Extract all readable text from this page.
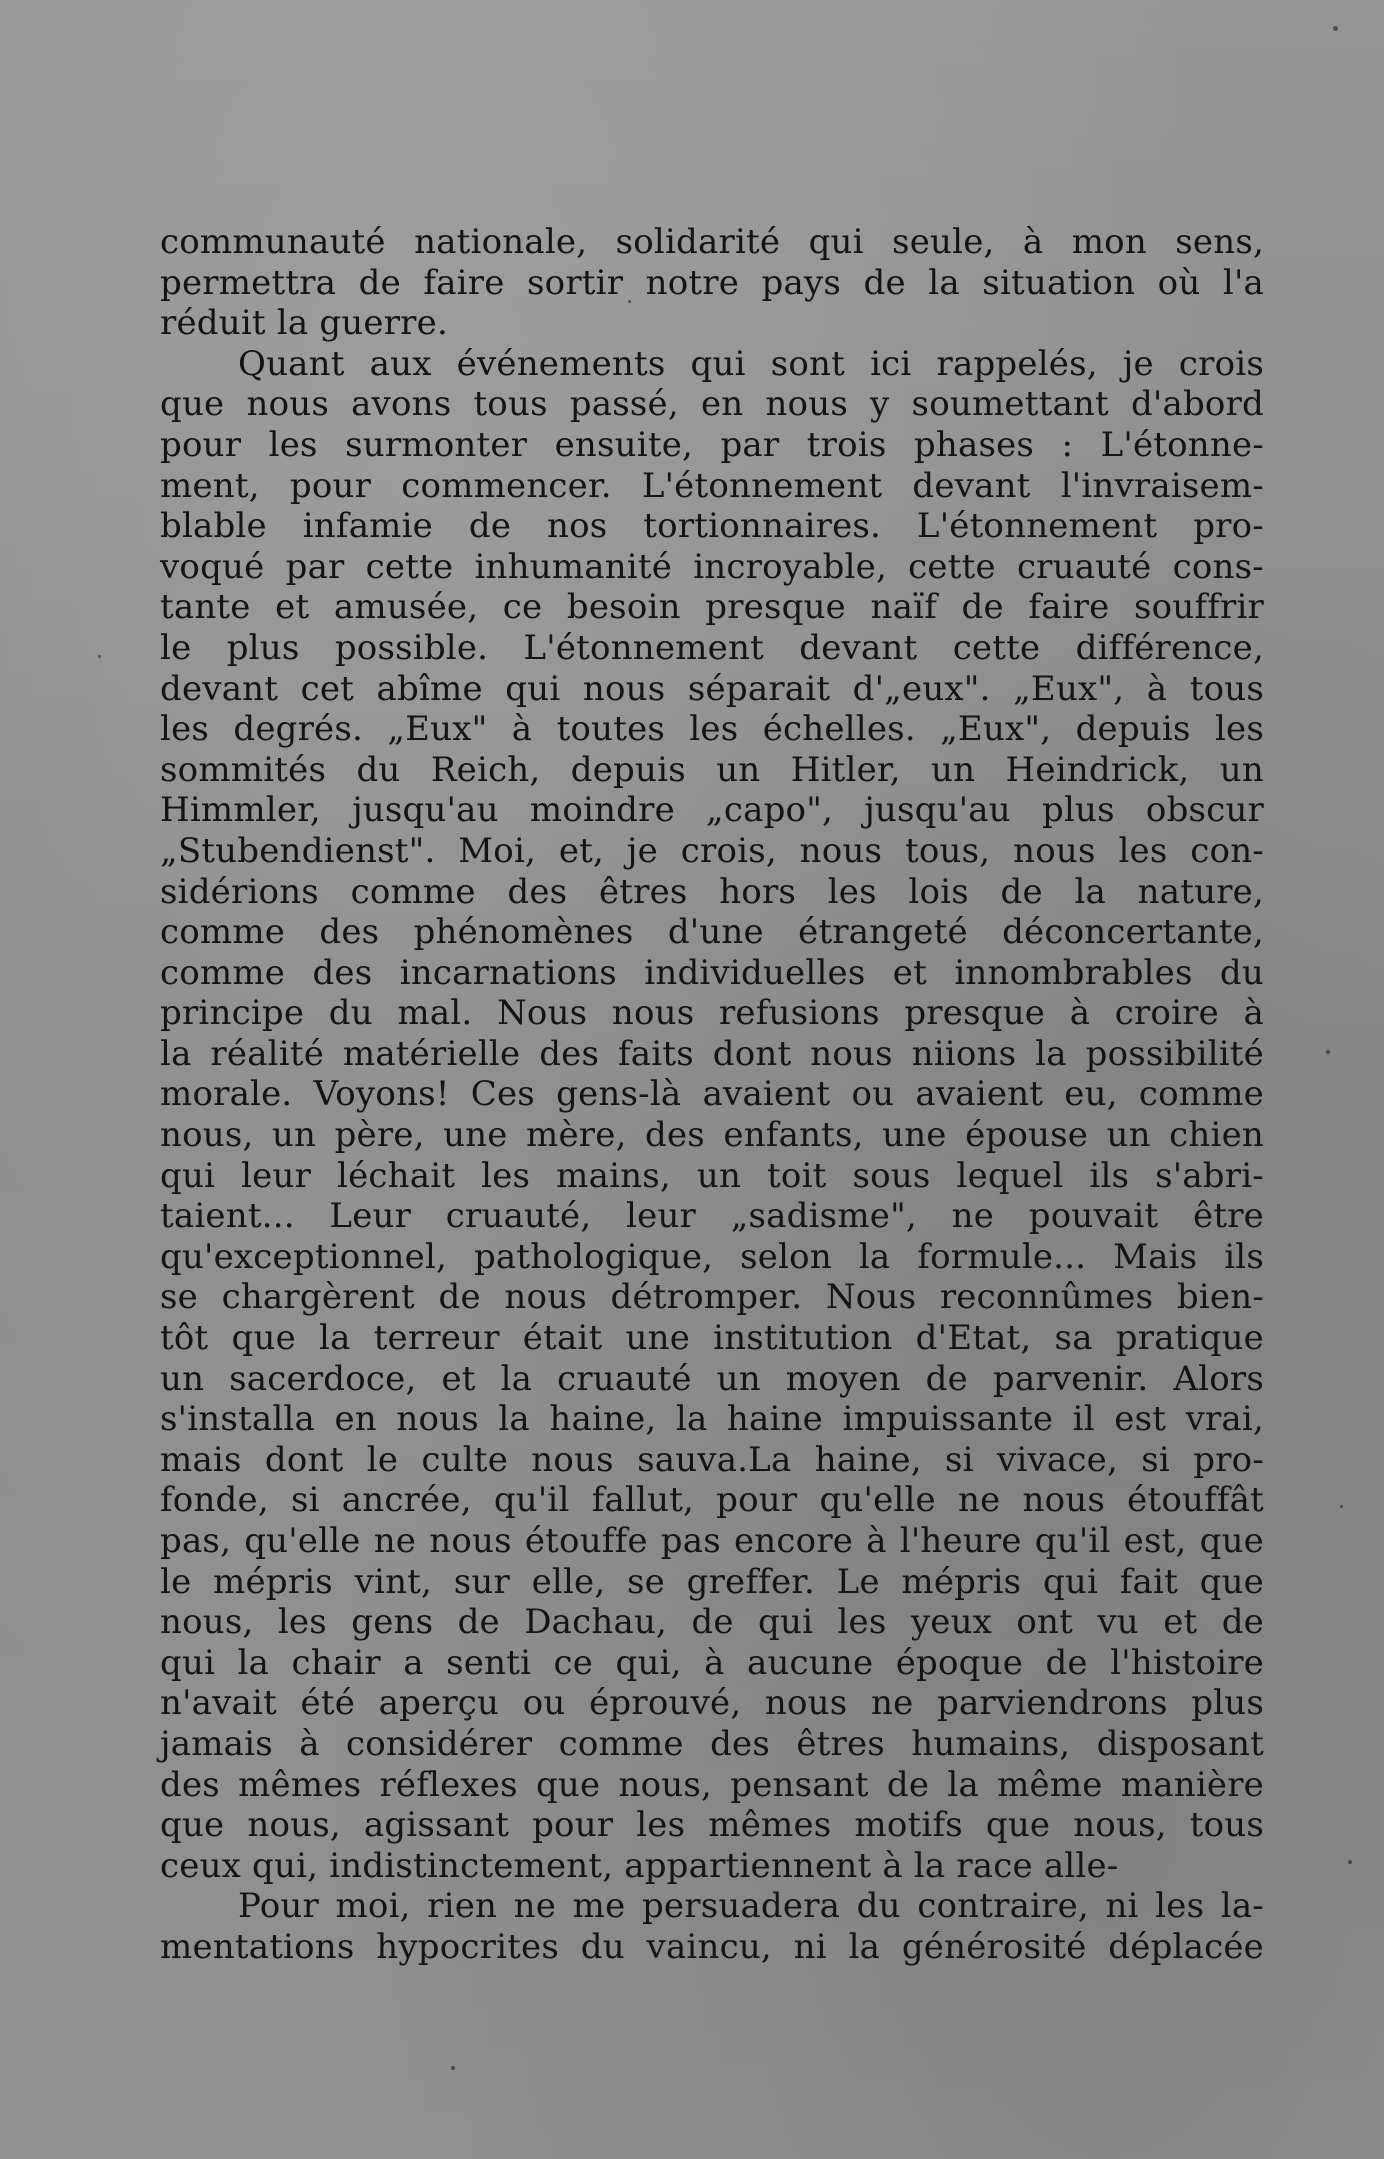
communauté nationale, solidarité qui seule, à mon sens,
permettra de faire sortir notre pays de la situation où l'a
réduit la guerre.

Quant aux événements qui sont ici rappelés, je crois
que nous avons tous passé, en nous y soumettant d'abord
pour les surmonter ensuite, par trois phases : L'étonne-
ment, pour commencer. L'étonnement devant l'invraisem-
blable infamie de nos tortionnaires. L'étonnement pro-
voqué par cette inhumanité incroyable, cette cruauté cons-
tante et amusée, ce besoin presque naïf de faire souffrir
le plus possible. L'étonnement devant cette différence,
devant cet abîme qui nous séparait d'„eux". „Eux", à tous
les degrés. „Eux" à toutes les échelles. „Eux", depuis les
sommités du Reich, depuis un Hitler, un Heindrick, un
Himmler, jusqu'au moindre „capo", jusqu'au plus obscur
„Stubendienst". Moi, et, je crois, nous tous, nous les con-
sidérions comme des êtres hors les lois de la nature,
comme des phénomènes d'une étrangeté déconcertante,
comme des incarnations individuelles et innombrables du
principe du mal. Nous nous refusions presque à croire à
la réalité matérielle des faits dont nous niions la possibilité
morale. Voyons! Ces gens-là avaient ou avaient eu, comme
nous, un père, une mère, des enfants, une épouse un chien
qui leur léchait les mains, un toit sous lequel ils s'abri-
taient... Leur cruauté, leur „sadisme", ne pouvait être
qu'exceptionnel, pathologique, selon la formule... Mais ils
se chargèrent de nous détromper. Nous reconnûmes bien-
tôt que la terreur était une institution d'Etat, sa pratique
un sacerdoce, et la cruauté un moyen de parvenir. Alors
s'installa en nous la haine, la haine impuissante il est vrai,
mais dont le culte nous sauva.La haine, si vivace, si pro-
fonde, si ancrée, qu'il fallut, pour qu'elle ne nous étouffât
pas, qu'elle ne nous étouffe pas encore à l'heure qu'il est, que
le mépris vint, sur elle, se greffer. Le mépris qui fait que
nous, les gens de Dachau, de qui les yeux ont vu et de
qui la chair a senti ce qui, à aucune époque de l'histoire
n'avait été aperçu ou éprouvé, nous ne parviendrons plus
jamais à considérer comme des êtres humains, disposant
des mêmes réflexes que nous, pensant de la même manière
que nous, agissant pour les mêmes motifs que nous, tous
ceux qui, indistinctement, appartiennent à la race alle-

Pour moi, rien ne me persuadera du contraire, ni les la-
mentations hypocrites du vaincu, ni la générosité déplacée
